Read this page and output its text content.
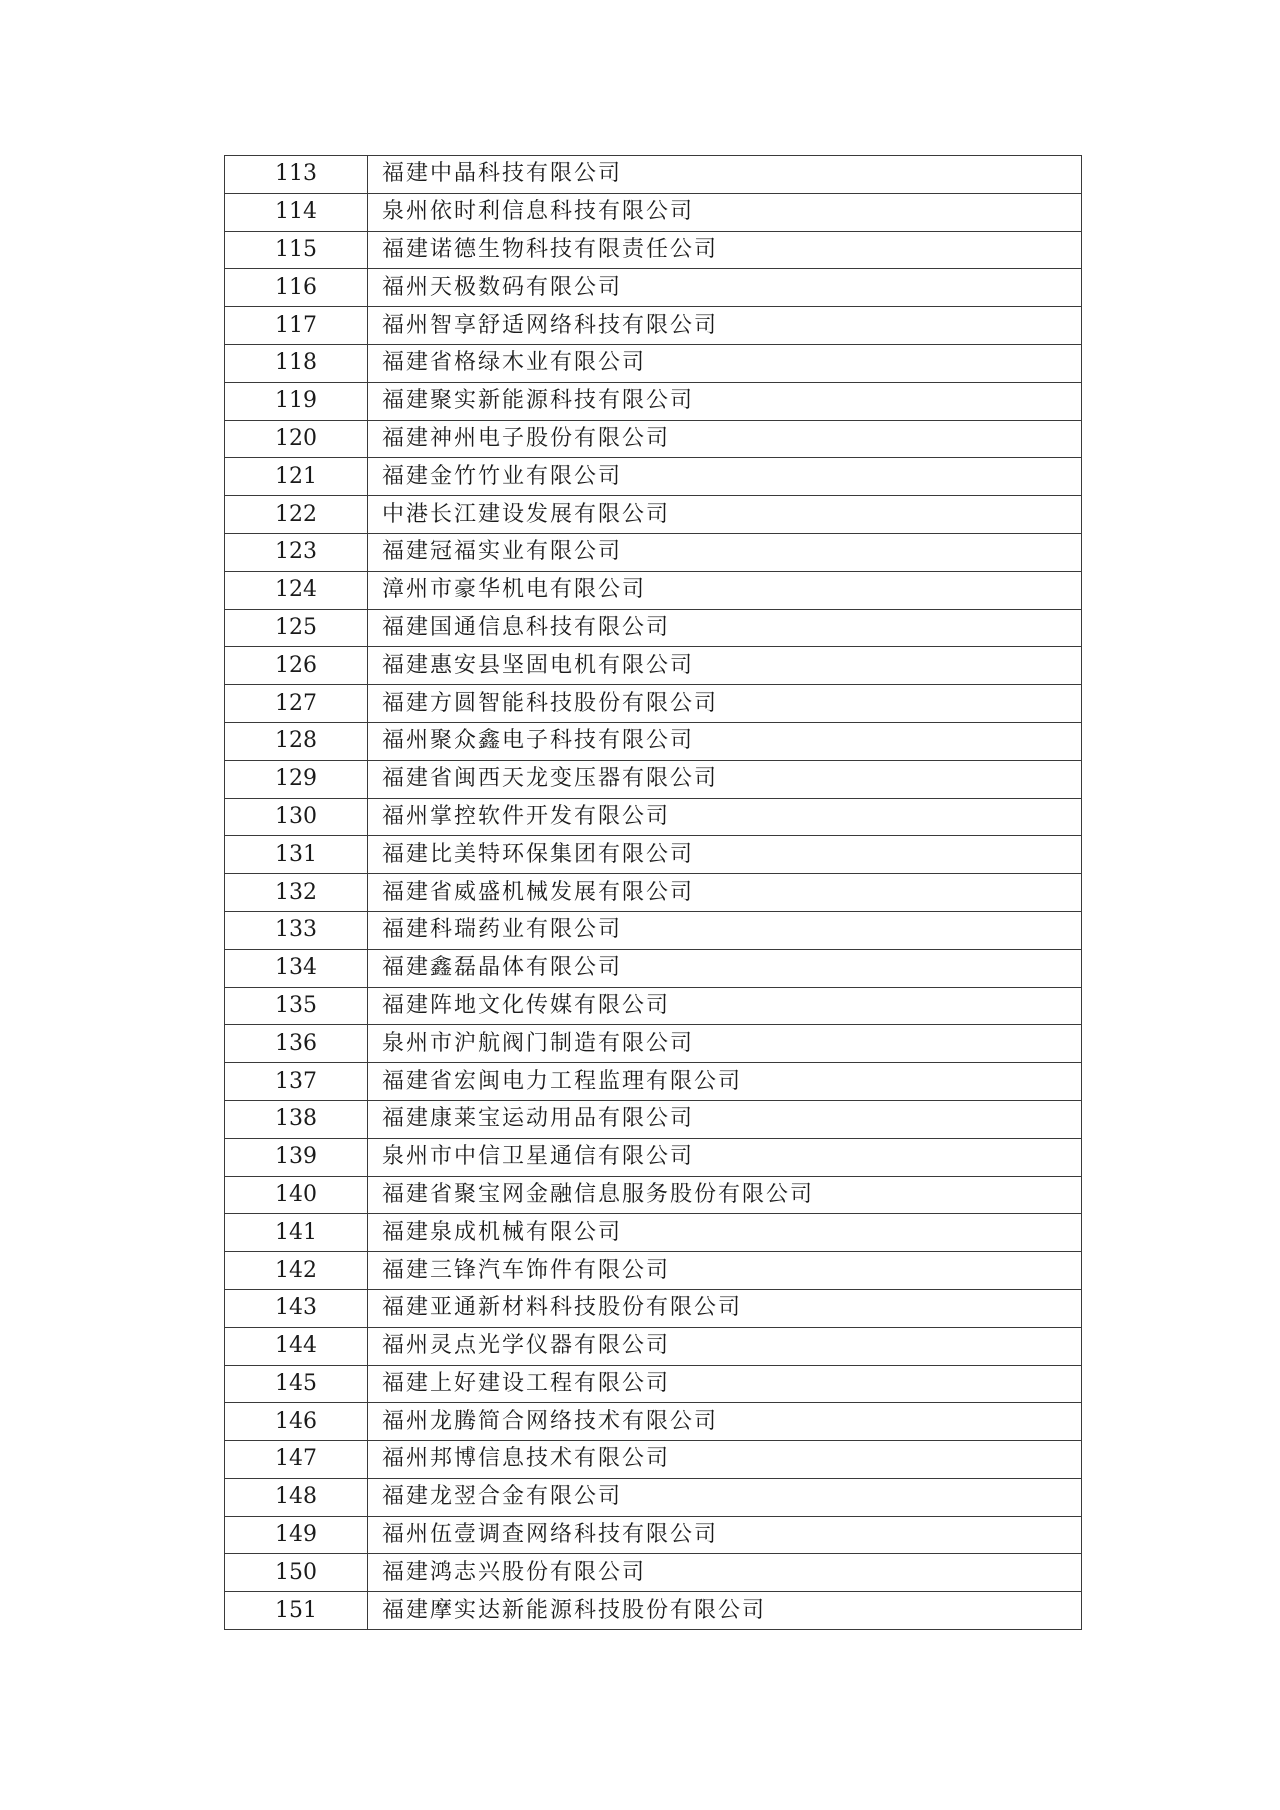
113	福建中晶科技有限公司
114	泉州依时利信息科技有限公司
115	福建诺德生物科技有限责任公司
116	福州天极数码有限公司
117	福州智享舒适网络科技有限公司
118	福建省格绿木业有限公司
119	福建聚实新能源科技有限公司
120	福建神州电子股份有限公司
121	福建金竹竹业有限公司
122	中港长江建设发展有限公司
123	福建冠福实业有限公司
124	漳州市豪华机电有限公司
125	福建国通信息科技有限公司
126	福建惠安县坚固电机有限公司
127	福建方圆智能科技股份有限公司
128	福州聚众鑫电子科技有限公司
129	福建省闽西天龙变压器有限公司
130	福州掌控软件开发有限公司
131	福建比美特环保集团有限公司
132	福建省威盛机械发展有限公司
133	福建科瑞药业有限公司
134	福建鑫磊晶体有限公司
135	福建阵地文化传媒有限公司
136	泉州市沪航阀门制造有限公司
137	福建省宏闽电力工程监理有限公司
138	福建康莱宝运动用品有限公司
139	泉州市中信卫星通信有限公司
140	福建省聚宝网金融信息服务股份有限公司
141	福建泉成机械有限公司
142	福建三锋汽车饰件有限公司
143	福建亚通新材料科技股份有限公司
144	福州灵点光学仪器有限公司
145	福建上好建设工程有限公司
146	福州龙腾简合网络技术有限公司
147	福州邦博信息技术有限公司
148	福建龙翌合金有限公司
149	福州伍壹调查网络科技有限公司
150	福建鸿志兴股份有限公司
151	福建摩实达新能源科技股份有限公司
